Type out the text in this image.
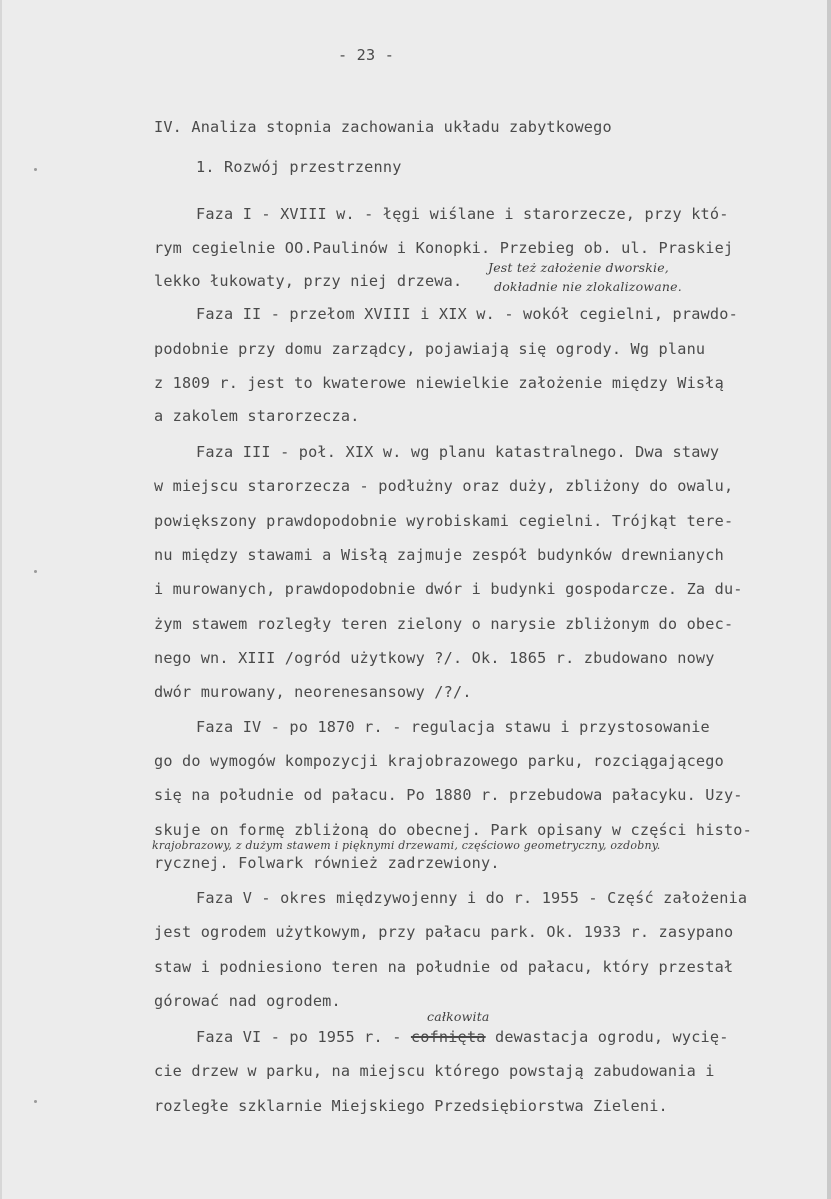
- 23 -
IV. Analiza stopnia zachowania układu zabytkowego
1. Rozwój przestrzenny
Faza I - XVIII w. - łęgi wiślane i starorzecze, przy któ-
rym cegielnie OO.Paulinów i Konopki. Przebieg ob. ul. Praskiej
lekko łukowaty, przy niej drzewa.
Jest też założenie dworskie,
dokładnie nie zlokalizowane.
Faza II - przełom XVIII i XIX w. - wokół cegielni, prawdo-
podobnie przy domu zarządcy, pojawiają się ogrody. Wg planu
z 1809 r. jest to kwaterowe niewielkie założenie między Wisłą
a zakolem starorzecza.
Faza III - poł. XIX w. wg planu katastralnego. Dwa stawy
w miejscu starorzecza - podłużny oraz duży, zbliżony do owalu,
powiększony prawdopodobnie wyrobiskami cegielni. Trójkąt tere-
nu między stawami a Wisłą zajmuje zespół budynków drewnianych
i murowanych, prawdopodobnie dwór i budynki gospodarcze. Za du-
żym stawem rozległy teren zielony o narysie zbliżonym do obec-
nego wn. XIII /ogród użytkowy ?/. Ok. 1865 r. zbudowano nowy
dwór murowany, neorenesansowy /?/.
Faza IV - po 1870 r. - regulacja stawu i przystosowanie
go do wymogów kompozycji krajobrazowego parku, rozciągającego
się na południe od pałacu. Po 1880 r. przebudowa pałacyku. Uzy-
skuje on formę zbliżoną do obecnej. Park opisany w części histo-
krajobrazowy, z dużym stawem i pięknymi drzewami, częściowo geometryczny, ozdobny.
rycznej. Folwark również zadrzewiony.
Faza V - okres międzywojenny i do r. 1955 - Część założenia
jest ogrodem użytkowym, przy pałacu park. Ok. 1933 r. zasypano
staw i podniesiono teren na południe od pałacu, który przestał
górować nad ogrodem.
całkowita
Faza VI - po 1955 r. - cofnięta dewastacja ogrodu, wycię-
cie drzew w parku, na miejscu którego powstają zabudowania i
rozległe szklarnie Miejskiego Przedsiębiorstwa Zieleni.
